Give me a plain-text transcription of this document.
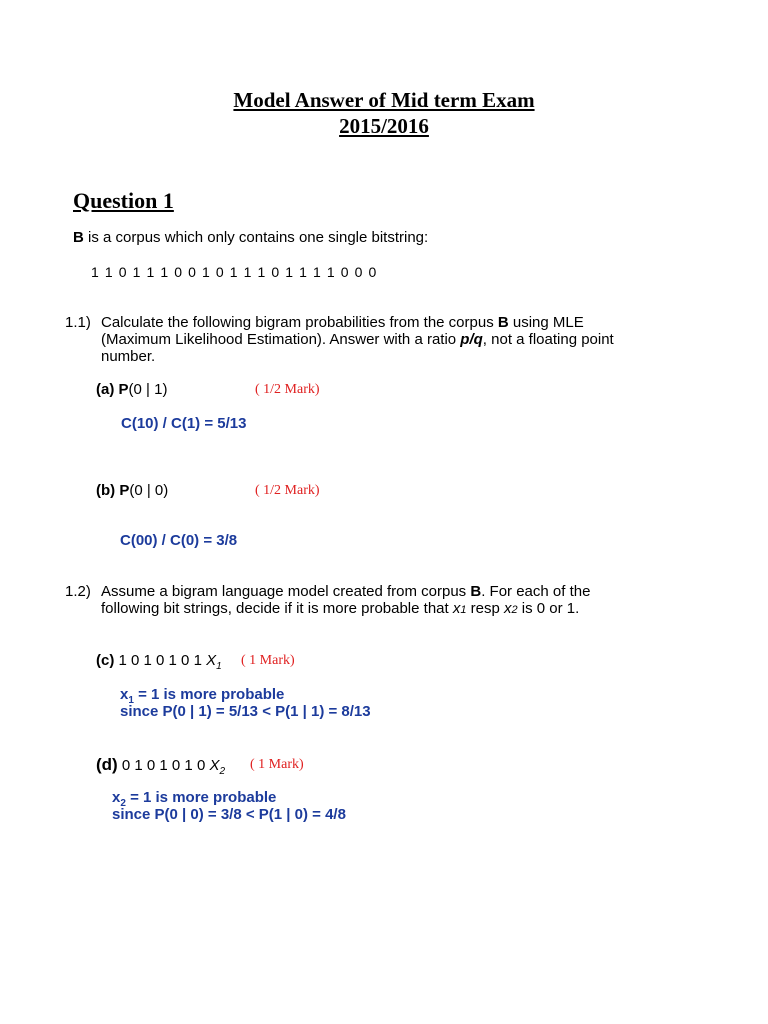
Model Answer of Mid term Exam
2015/2016
Question 1
B is a corpus which only contains one single bitstring:
1 1 0 1 1 1 0 0 1 0 1 1 1 0 1 1 1 1 0 0 0
1.1) Calculate the following bigram probabilities from the corpus B using MLE
(Maximum Likelihood Estimation). Answer with a ratio p/q, not a floating point
number.
(a) P(0 | 1)	( 1/2 Mark)
C(10) / C(1) = 5/13
(b) P(0 | 0)	( 1/2 Mark)
C(00) / C(0) = 3/8
1.2) Assume a bigram language model created from corpus B. For each of the
following bit strings, decide if it is more probable that x1 resp x2 is 0 or 1.
(c) 1 0 1 0 1 0 1 $X_1$ ( 1 Mark)
$x_1 = 1$ is more probable
since P(0 | 1) = 5/13 < P(1 | 1) = 8/13
(d) 0 1 0 1 0 1 0 $X_2$ ( 1 Mark)
$x_2 = 1$ is more probable
since P(0 | 0) = 3/8 < P(1 | 0) = 4/8
